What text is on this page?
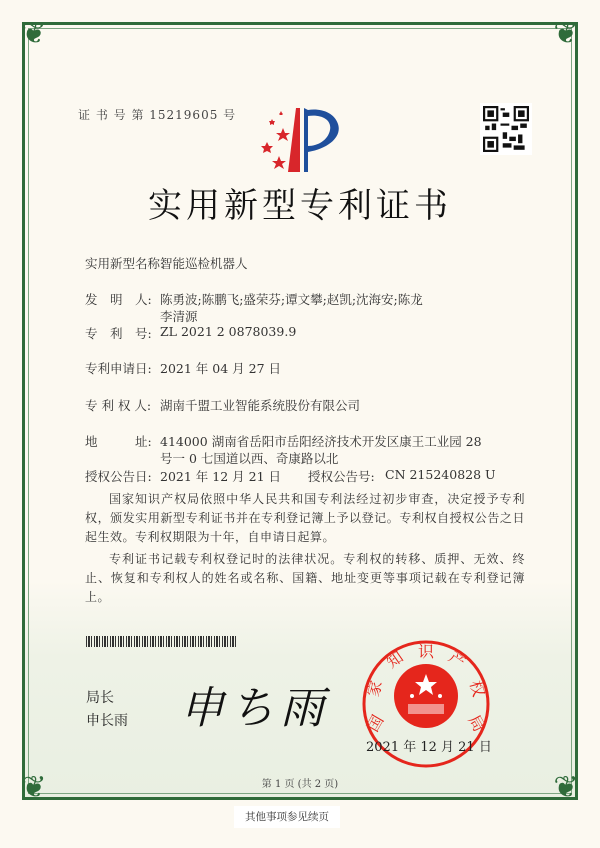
❦	❦
❦	❦
证 书 号 第 15219605 号
实用新型专利证书
实用新型名称:
智能巡检机器人
发　明　人: 陈勇波;陈鹏飞;盛荣芬;谭文攀;赵凯;沈海安;陈龙
李清源
专　利　号: ZL 2021 2 0878039.9
专利申请日: 2021 年 04 月 27 日
专 利 权 人: 湖南千盟工业智能系统股份有限公司
地　　　址: 414000 湖南省岳阳市岳阳经济技术开发区康王工业园 28
号一 0 七国道以西、奇康路以北
授权公告日: 2021 年 12 月 21 日 授权公告号: CN 215240828 U
国家知识产权局依照中华人民共和国专利法经过初步审查，决定授予专利权，颁发实用新型专利证书并在专利登记簿上予以登记。专利权自授权公告之日起生效。专利权期限为十年，自申请日起算。
专利证书记载专利权登记时的法律状况。专利权的转移、质押、无效、终止、恢复和专利权人的姓名或名称、国籍、地址变更等事项记载在专利登记簿上。
局长
申长雨 申ち雨 国
家
知 识 产
权
局
2021 年 12 月 21 日
第 1 页 (共 2 页)
其他事项参见续页
